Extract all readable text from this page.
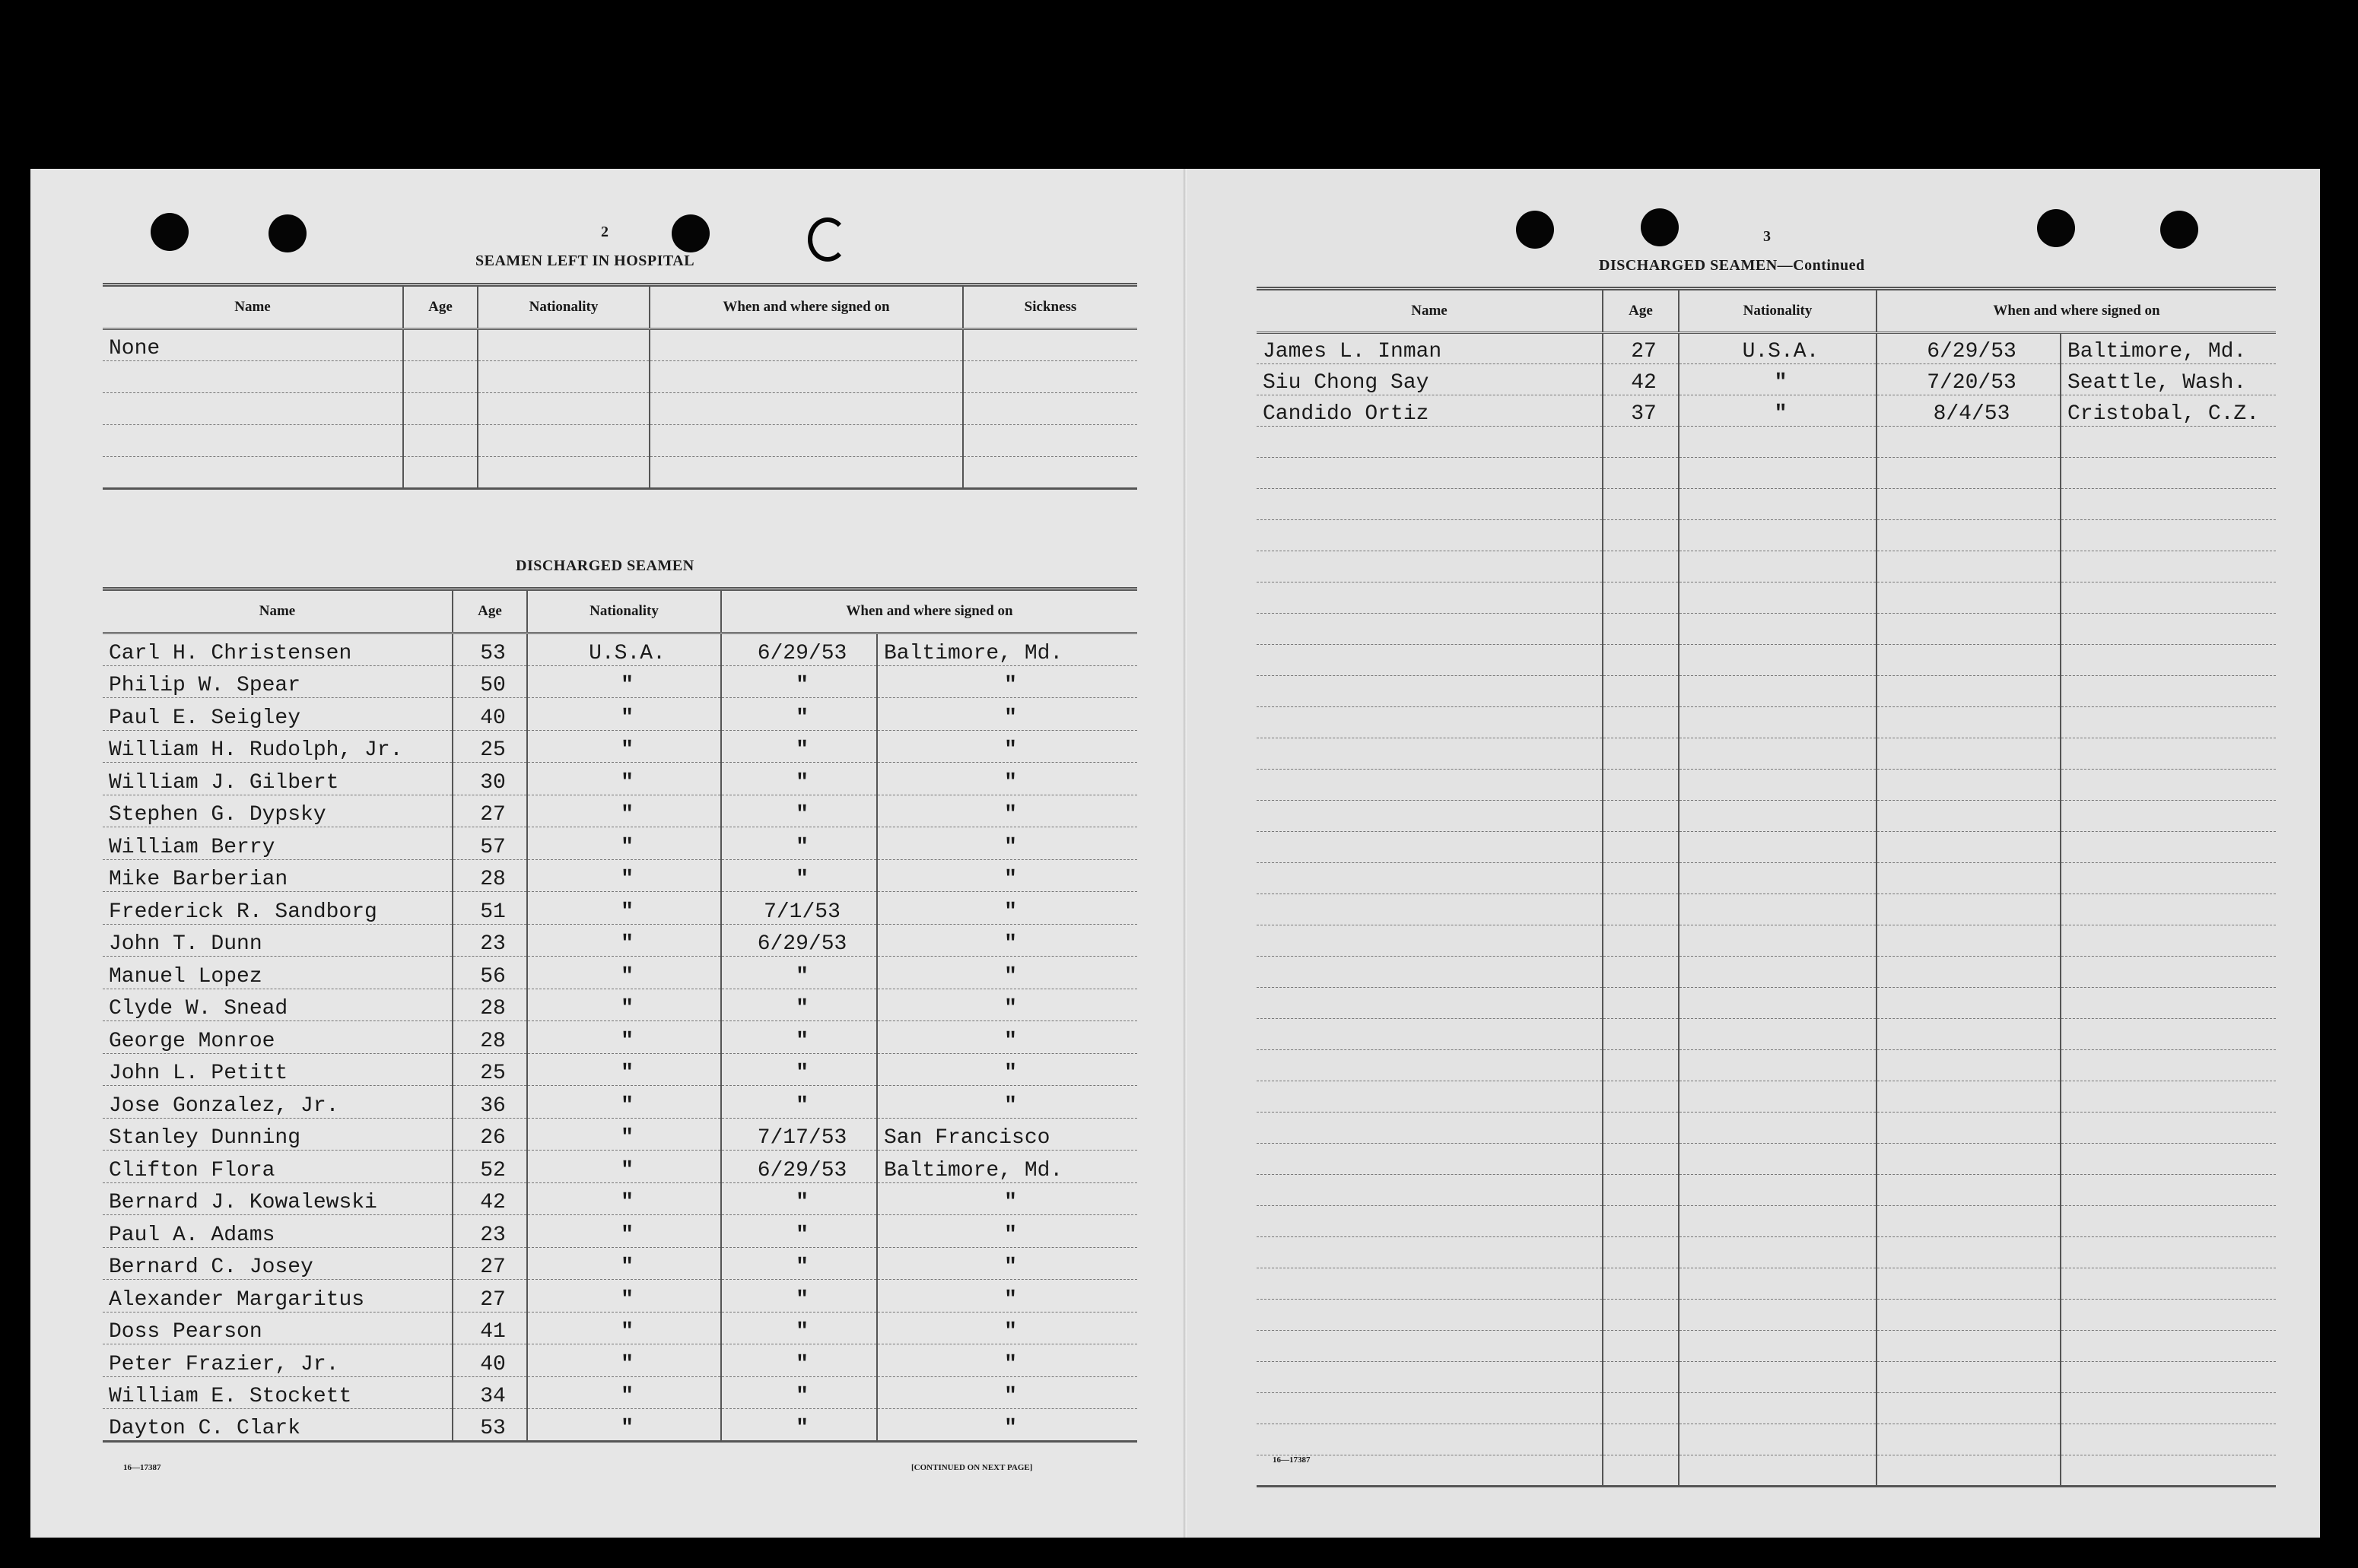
2
SEAMEN LEFT IN HOSPITAL
Name	Age	Nationality	When and where signed on	Sickness
None				

DISCHARGED SEAMEN
Name	Age	Nationality	When and where signed on	
Carl H. Christensen	53	U.S.A.	6/29/53	Baltimore, Md.
Philip W. Spear	50	"	"	"
Paul E. Seigley	40	"	"	"
William H. Rudolph, Jr.	25	"	"	"
William J. Gilbert	30	"	"	"
Stephen G. Dypsky	27	"	"	"
William Berry	57	"	"	"
Mike Barberian	28	"	"	"
Frederick R. Sandborg	51	"	7/1/53	"
John T. Dunn	23	"	6/29/53	"
Manuel Lopez	56	"	"	"
Clyde W. Snead	28	"	"	"
George Monroe	28	"	"	"
John L. Petitt	25	"	"	"
Jose Gonzalez, Jr.	36	"	"	"
Stanley Dunning	26	"	7/17/53	San Francisco
Clifton Flora	52	"	6/29/53	Baltimore, Md.
Bernard J. Kowalewski	42	"	"	"
Paul A. Adams	23	"	"	"
Bernard C. Josey	27	"	"	"
Alexander Margaritus	27	"	"	"
Doss Pearson	41	"	"	"
Peter Frazier, Jr.	40	"	"	"
William E. Stockett	34	"	"	"
Dayton C. Clark	53	"	"	"
16—17387	[CONTINUED ON NEXT PAGE]
3
DISCHARGED SEAMEN—Continued
Name	Age	Nationality	When and where signed on	
James L. Inman	27	U.S.A.	6/29/53	Baltimore, Md.
Siu Chong Say	42	"	7/20/53	Seattle, Wash.
Candido Ortiz	37	"	8/4/53	Cristobal, C.Z.

16—17387
